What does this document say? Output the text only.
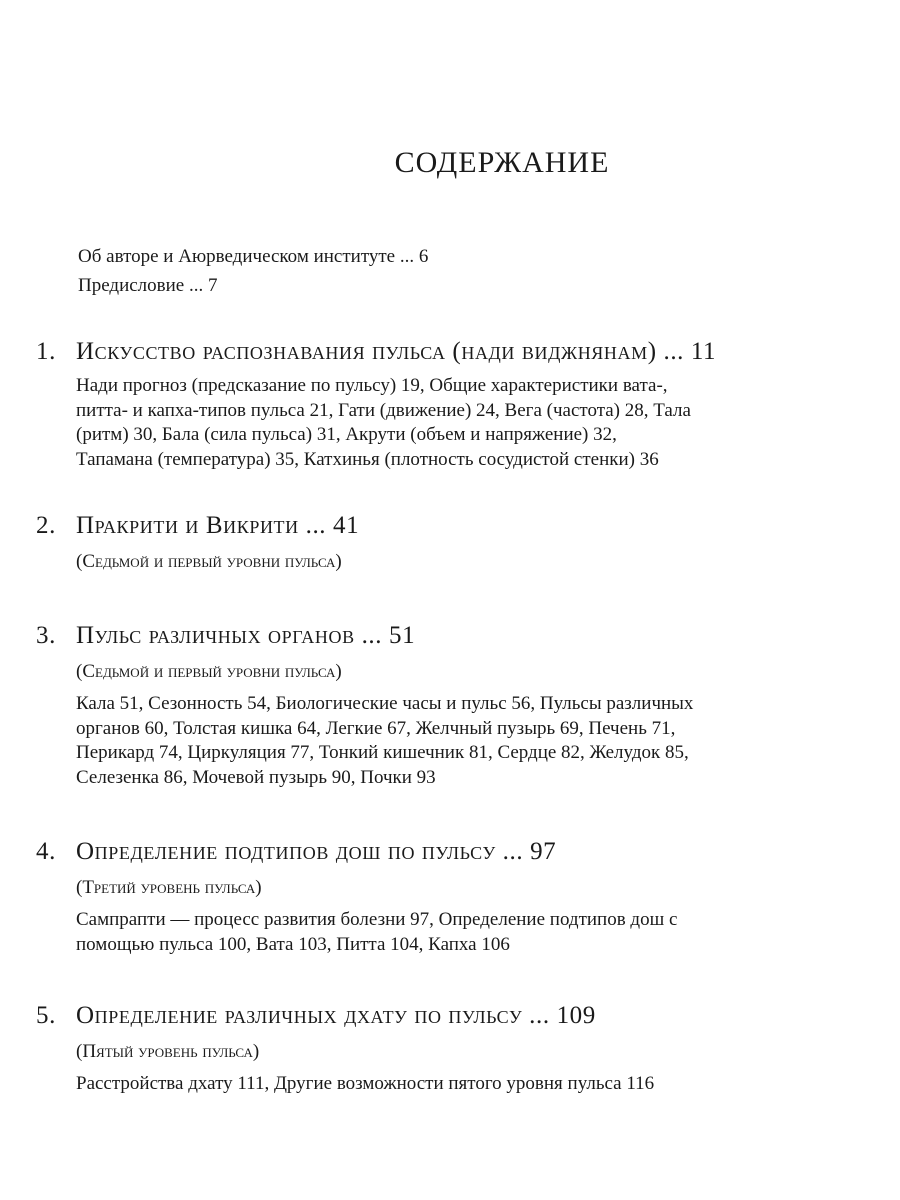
СОДЕРЖАНИЕ
Об авторе и Аюрведическом институте ... 6
Предисловие ... 7
1. Искусство распознавания пульса (нади виджнянам) ... 11
Нади прогноз (предсказание по пульсу) 19, Общие характеристики вата-,
питта- и капха-типов пульса 21, Гати (движение) 24, Вега (частота) 28, Тала
(ритм) 30, Бала (сила пульса) 31, Акрути (объем и напряжение) 32,
Тапамана (температура) 35, Катхинья (плотность сосудистой стенки) 36
2. Пракрити и Викрити ... 41
(Седьмой и первый уровни пульса)
3. Пульс различных органов ... 51
(Седьмой и первый уровни пульса)
Кала 51, Сезонность 54, Биологические часы и пульс 56, Пульсы различных
органов 60, Толстая кишка 64, Легкие 67, Желчный пузырь 69, Печень 71,
Перикард 74, Циркуляция 77, Тонкий кишечник 81, Сердце 82, Желудок 85,
Селезенка 86, Мочевой пузырь 90, Почки 93
4. Определение подтипов дош по пульсу ... 97
(Третий уровень пульса)
Сампрапти — процесс развития болезни 97, Определение подтипов дош с
помощью пульса 100, Вата 103, Питта 104, Капха 106
5. Определение различных дхату по пульсу ... 109
(Пятый уровень пульса)
Расстройства дхату 111, Другие возможности пятого уровня пульса 116
